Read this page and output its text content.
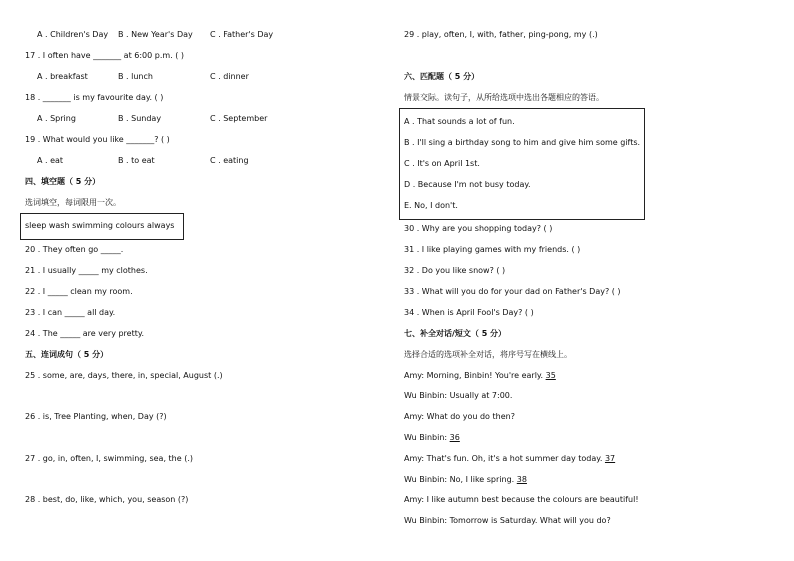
A . Children's Day B . New Year's Day C . Father's Day
17 . I often have _______ at 6:00 p.m. ( )
A . breakfast	B . lunch	C . dinner
18 . _______ is my favourite day. ( )
A . Spring	B . Sunday	C . September
19 . What would you like _______? ( )
A . eat	B . to eat	C . eating
四、填空题（ 5 分）
选词填空，每词限用一次。
sleep wash swimming colours always
20 . They often go _____.
21 . I usually _____ my clothes.
22 . I _____ clean my room.
23 . I can _____ all day.
24 . The _____ are very pretty.
五、连词成句（ 5 分）
25 . some, are, days, there, in, special, August (.)
26 . is, Tree Planting, when, Day (?)
27 . go, in, often, I, swimming, sea, the (.)
28 . best, do, like, which, you, season (?)
29 . play, often, I, with, father, ping-pong, my (.)
六、匹配题（ 5 分）
情景交际。读句子，从所给选项中选出各题相应的答语。
A . That sounds a lot of fun.
B . I'll sing a birthday song to him and give him some gifts.
C . It's on April 1st.
D . Because I'm not busy today.
E. No, I don't.
30 . Why are you shopping today? ( )
31 . I like playing games with my friends. ( )
32 . Do you like snow? ( )
33 . What will you do for your dad on Father's Day? ( )
34 . When is April Fool's Day? ( )
七、补全对话/短文（ 5 分）
选择合适的选项补全对话，将序号写在横线上。
Amy: Morning, Binbin! You're early. 35
Wu Binbin: Usually at 7:00.
Amy: What do you do then?
Wu Binbin: 36
Amy: That's fun. Oh, it's a hot summer day today. 37
Wu Binbin: No, I like spring. 38
Amy: I like autumn best because the colours are beautiful!
Wu Binbin: Tomorrow is Saturday. What will you do?
